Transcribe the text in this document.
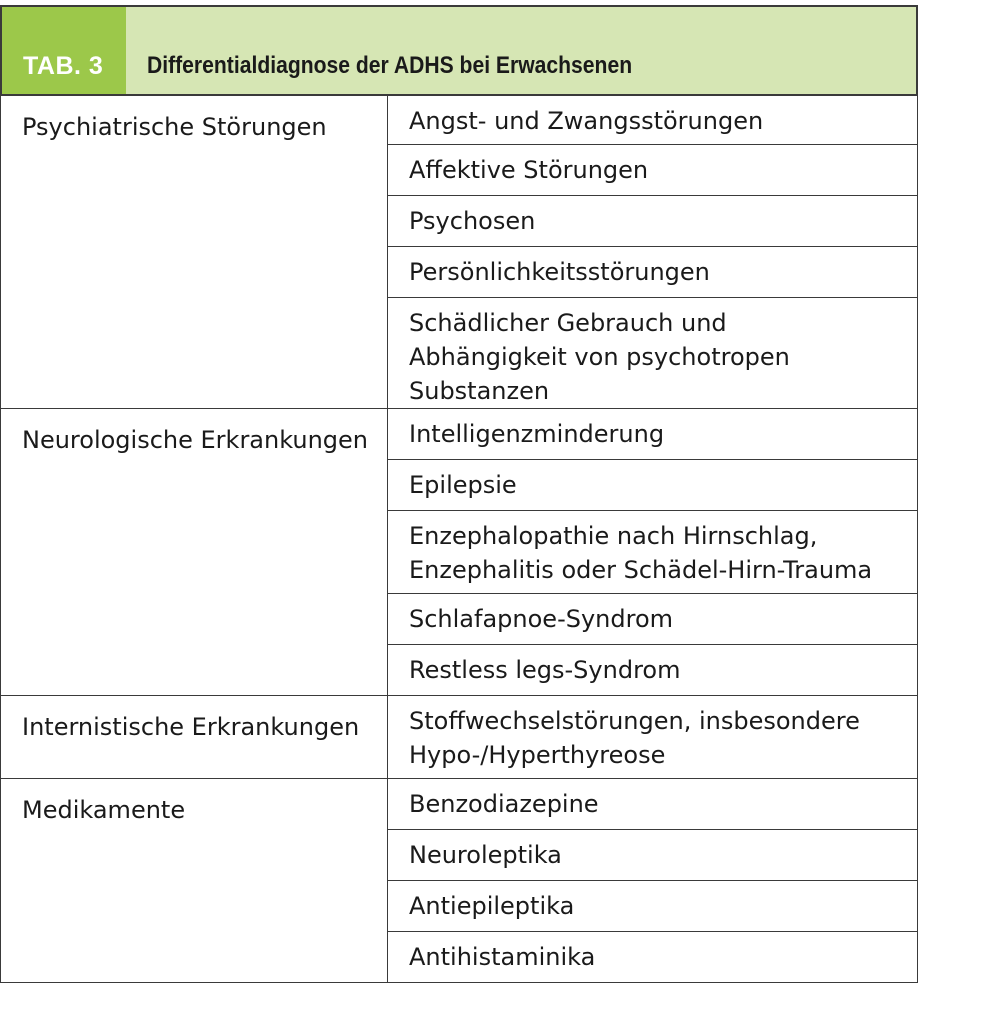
TAB. 3	Differentialdiagnose der ADHS bei Erwachsenen
Psychiatrische Störungen	Angst- und Zwangsstörungen

	Affektive Störungen

	Psychosen

	Persönlichkeitsstörungen

	Schädlicher Gebrauch und Abhängigkeit von psychotropen Substanzen

Neurologische Erkrankungen	Intelligenzminderung

	Epilepsie

	Enzephalopathie nach Hirnschlag, Enzephalitis oder Schädel-Hirn-Trauma

	Schlafapnoe-Syndrom

	Restless legs-Syndrom

Internistische Erkrankungen	Stoffwechselstörungen, insbesondere Hypo-/Hyperthyreose

Medikamente	Benzodiazepine

	Neuroleptika

	Antiepileptika

	Antihistaminika
